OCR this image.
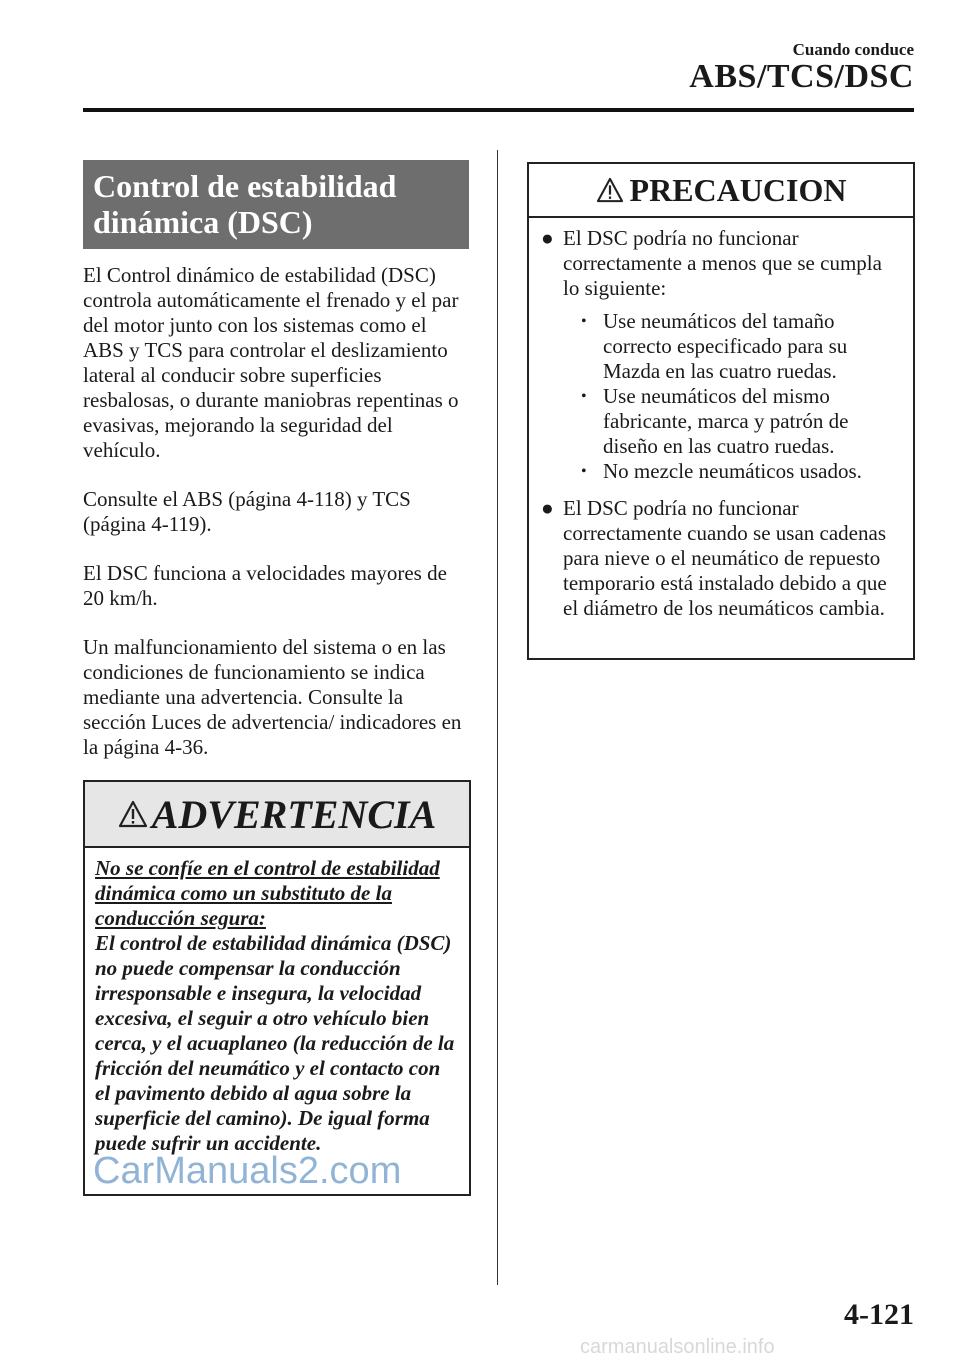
Cuando conduce
ABS/TCS/DSC
Control de estabilidad dinámica (DSC)

El Control dinámico de estabilidad (DSC) controla automáticamente el frenado y el par del motor junto con los sistemas como el ABS y TCS para controlar el deslizamiento lateral al conducir sobre superficies resbalosas, o durante maniobras repentinas o evasivas, mejorando la seguridad del vehículo.

Consulte el ABS (página 4-118) y TCS (página 4-119).

El DSC funciona a velocidades mayores de 20 km/h.

Un malfuncionamiento del sistema o en las condiciones de funcionamiento se indica mediante una advertencia. Consulte la sección Luces de advertencia/ indicadores en la página 4-36.

ADVERTENCIA
No se confíe en el control de estabilidad dinámica como un substituto de la conducción segura:
El control de estabilidad dinámica (DSC) no puede compensar la conducción irresponsable e insegura, la velocidad excesiva, el seguir a otro vehículo bien cerca, y el acuaplaneo (la reducción de la fricción del neumático y el contacto con el pavimento debido al agua sobre la superficie del camino). De igual forma puede sufrir un accidente.
PRECAUCION
● El DSC podría no funcionar correctamente a menos que se cumpla lo siguiente:
• Use neumáticos del tamaño correcto especificado para su Mazda en las cuatro ruedas.
• Use neumáticos del mismo fabricante, marca y patrón de diseño en las cuatro ruedas.
• No mezcle neumáticos usados.
● El DSC podría no funcionar correctamente cuando se usan cadenas para nieve o el neumático de repuesto temporario está instalado debido a que el diámetro de los neumáticos cambia.
CarManuals2.com
4-121
carmanualsonline.info
